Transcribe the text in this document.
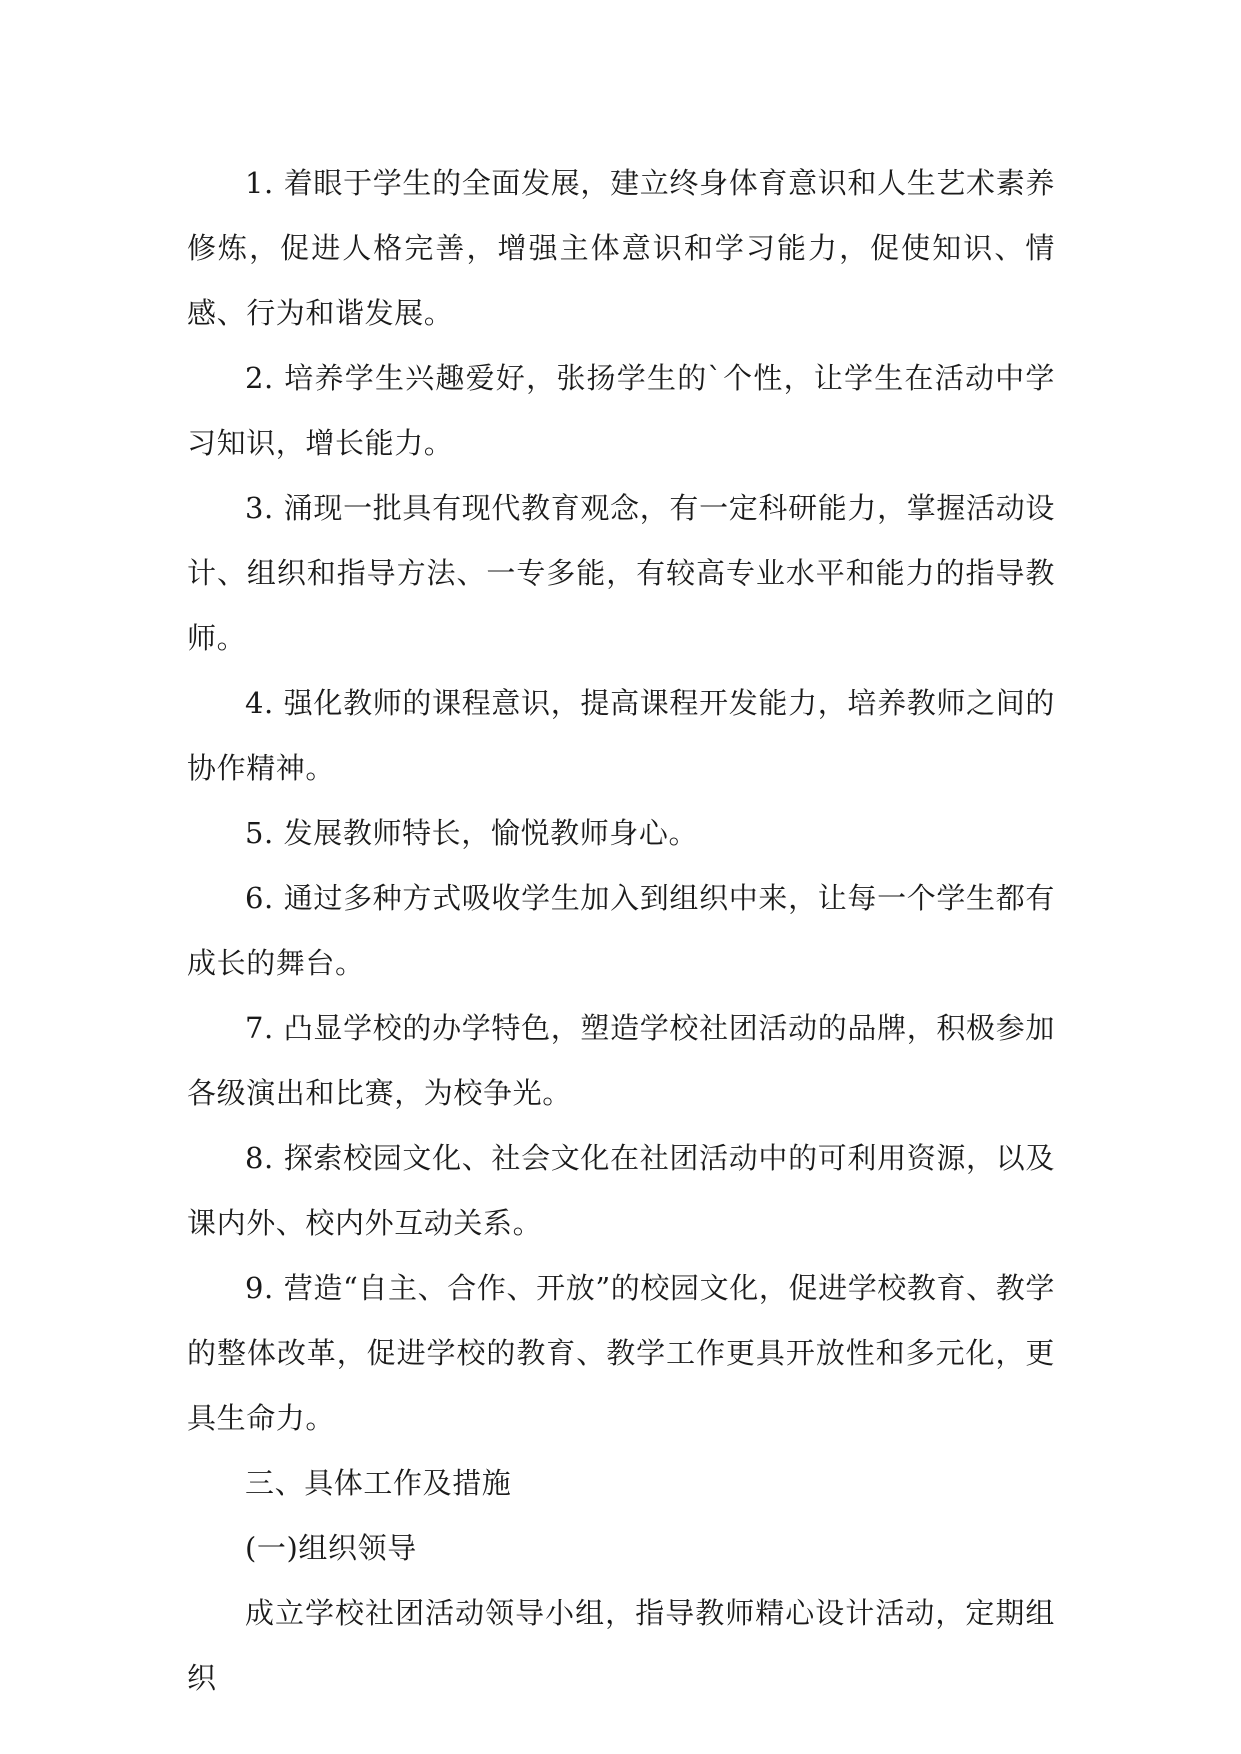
1. 着眼于学生的全面发展，建立终身体育意识和人生艺术素养修炼，促进人格完善，增强主体意识和学习能力，促使知识、情感、行为和谐发展。

2. 培养学生兴趣爱好，张扬学生的`个性，让学生在活动中学习知识，增长能力。

3. 涌现一批具有现代教育观念，有一定科研能力，掌握活动设计、组织和指导方法、一专多能，有较高专业水平和能力的指导教师。

4. 强化教师的课程意识，提高课程开发能力，培养教师之间的协作精神。

5. 发展教师特长，愉悦教师身心。

6. 通过多种方式吸收学生加入到组织中来，让每一个学生都有成长的舞台。

7. 凸显学校的办学特色，塑造学校社团活动的品牌，积极参加各级演出和比赛，为校争光。

8. 探索校园文化、社会文化在社团活动中的可利用资源，以及课内外、校内外互动关系。

9. 营造“自主、合作、开放”的校园文化，促进学校教育、教学的整体改革，促进学校的教育、教学工作更具开放性和多元化，更具生命力。

三、具体工作及措施

(一)组织领导

成立学校社团活动领导小组，指导教师精心设计活动，定期组织
